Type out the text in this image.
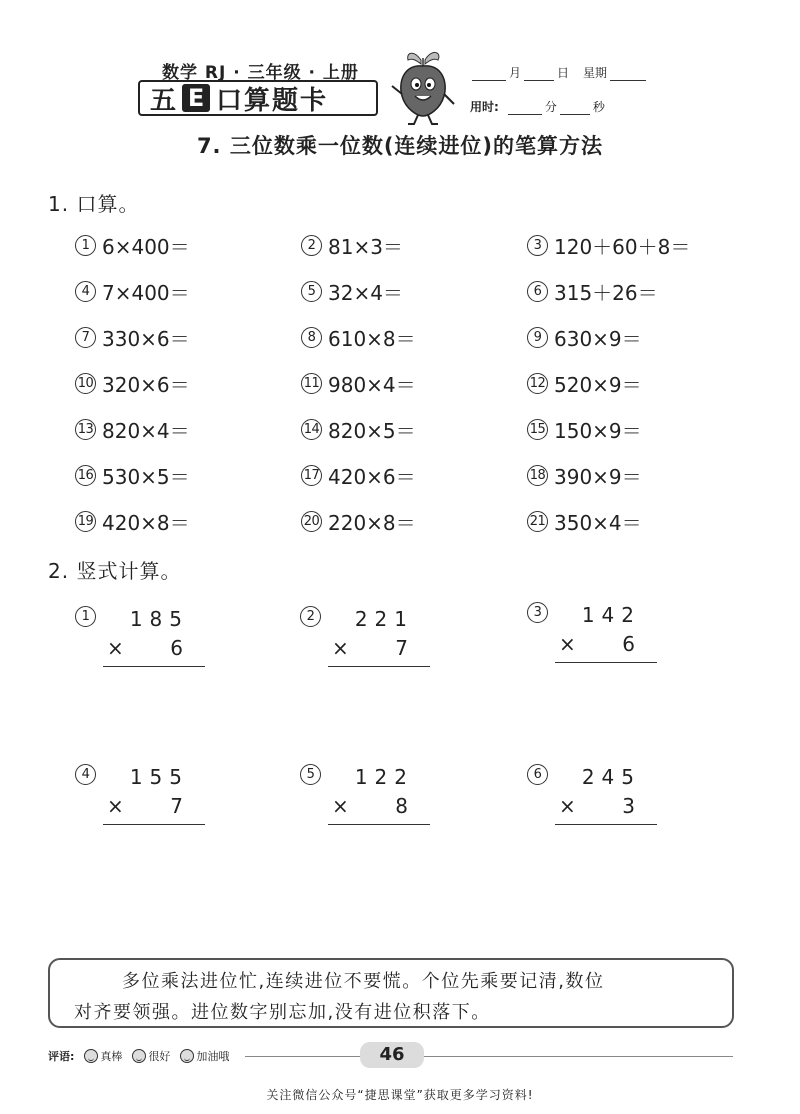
数学 RJ · 三年级 · 上册
五 E 口算题卡
月	日 星期
用时:	分	秒
7. 三位数乘一位数(连续进位)的笔算方法
1. 口算。
1 6×400＝	2 81×3＝	3 120＋60＋8＝
4 7×400＝	5 32×4＝	6 315＋26＝
7 330×6＝	8 610×8＝	9 630×9＝
10 320×6＝	11 980×4＝	12 520×9＝
13 820×4＝	14 820×5＝	15 150×9＝
16 530×5＝	17 420×6＝	18 390×9＝
19 420×8＝	20 220×8＝	21 350×4＝
2. 竖式计算。
1	185
× 6
2	221
× 7
3	142
× 6
4	155
× 7
5	122
× 8
6	245
× 3
多位乘法进位忙,连续进位不要慌。个位先乘要记清,数位
对齐要领强。进位数字别忘加,没有进位积落下。
评语: 真棒 很好 加油哦	46
关注微信公众号“捷思课堂”获取更多学习资料!
